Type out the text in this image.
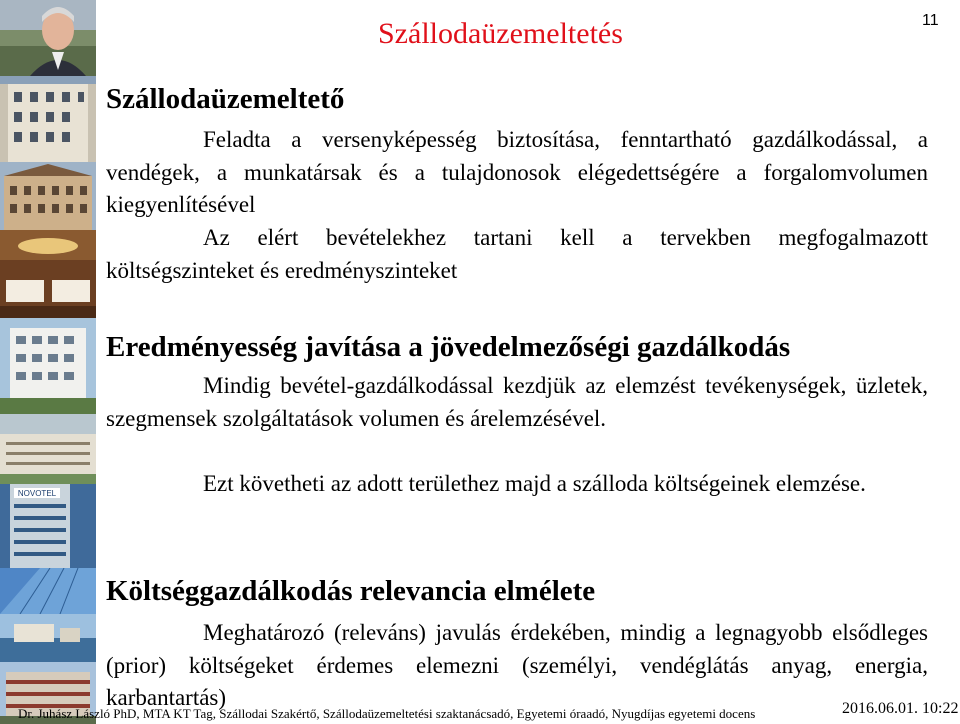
NOVOTEL
Szállodaüzemeltetés	11
Szállodaüzemeltető
Feladta a versenyképesség biztosítása, fenntartható gazdálkodással, a vendégek, a munkatársak és a tulajdonosok elégedettségére a forgalomvolumen kiegyenlítésével
Az elért bevételekhez tartani kell a tervekben megfogalmazott költségszinteket és eredményszinteket
Eredményesség javítása a jövedelmezőségi gazdálkodás
Mindig bevétel-gazdálkodással kezdjük az elemzést tevékenységek, üzletek, szegmensek szolgáltatások volumen és árelemzésével.
Ezt követheti az adott területhez majd a szálloda költségeinek elemzése.
Költséggazdálkodás relevancia elmélete
Meghatározó (releváns) javulás érdekében, mindig a legnagyobb elsődleges (prior) költségeket érdemes elemezni (személyi, vendéglátás anyag, energia, karbantartás)
Dr. Juhász László PhD, MTA KT Tag, Szállodai Szakértő, Szállodaüzemeltetési szaktanácsadó, Egyetemi óraadó, Nyugdíjas egyetemi docens	2016.06.01. 10:22
